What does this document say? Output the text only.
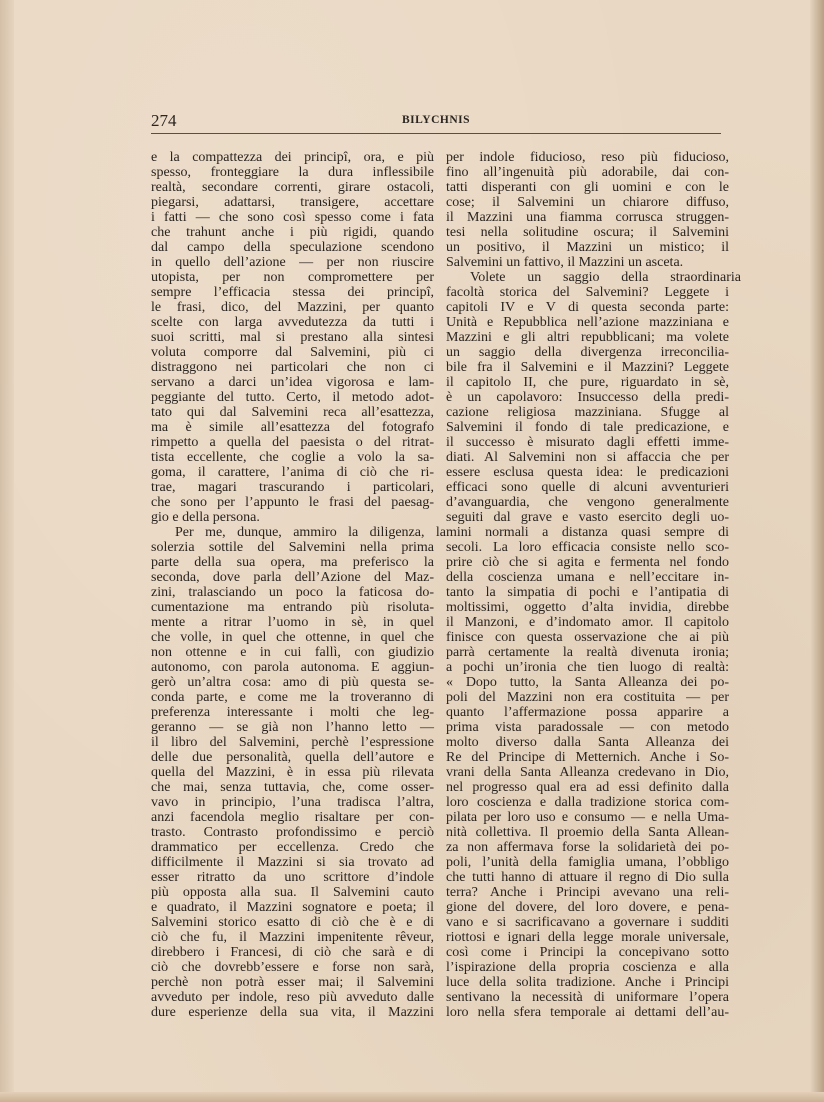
274	BILYCHNIS
e la compattezza dei principî, ora, e più
spesso, fronteggiare la dura inflessibile
realtà, secondare correnti, girare ostacoli,
piegarsi, adattarsi, transigere, accettare
i fatti — che sono così spesso come i fata
che trahunt anche i più rigidi, quando
dal campo della speculazione scendono
in quello dell’azione — per non riuscire
utopista, per non compromettere per
sempre l’efficacia stessa dei principî,
le frasi, dico, del Mazzini, per quanto
scelte con larga avvedutezza da tutti i
suoi scritti, mal si prestano alla sintesi
voluta comporre dal Salvemini, più ci
distraggono nei particolari che non ci
servano a darci un’idea vigorosa e lam-
peggiante del tutto. Certo, il metodo adot-
tato qui dal Salvemini reca all’esattezza,
ma è simile all’esattezza del fotografo
rimpetto a quella del paesista o del ritrat-
tista eccellente, che coglie a volo la sa-
goma, il carattere, l’anima di ciò che ri-
trae, magari trascurando i particolari,
che sono per l’appunto le frasi del paesag-
gio e della persona.
Per me, dunque, ammiro la diligenza, la
solerzia sottile del Salvemini nella prima
parte della sua opera, ma preferisco la
seconda, dove parla dell’Azione del Maz-
zini, tralasciando un poco la faticosa do-
cumentazione ma entrando più risoluta-
mente a ritrar l’uomo in sè, in quel
che volle, in quel che ottenne, in quel che
non ottenne e in cui fallì, con giudizio
autonomo, con parola autonoma. E aggiun-
gerò un’altra cosa: amo di più questa se-
conda parte, e come me la troveranno di
preferenza interessante i molti che leg-
geranno — se già non l’hanno letto —
il libro del Salvemini, perchè l’espressione
delle due personalità, quella dell’autore e
quella del Mazzini, è in essa più rilevata
che mai, senza tuttavia, che, come osser-
vavo in principio, l’una tradisca l’altra,
anzi facendola meglio risaltare per con-
trasto. Contrasto profondissimo e perciò
drammatico per eccellenza. Credo che
difficilmente il Mazzini si sia trovato ad
esser ritratto da uno scrittore d’indole
più opposta alla sua. Il Salvemini cauto
e quadrato, il Mazzini sognatore e poeta; il
Salvemini storico esatto di ciò che è e di
ciò che fu, il Mazzini impenitente rêveur,
direbbero i Francesi, di ciò che sarà e di
ciò che dovrebb’essere e forse non sarà,
perchè non potrà esser mai; il Salvemini
avveduto per indole, reso più avveduto dalle
dure esperienze della sua vita, il Mazzini
per indole fiducioso, reso più fiducioso,
fino all’ingenuità più adorabile, dai con-
tatti disperanti con gli uomini e con le
cose; il Salvemini un chiarore diffuso,
il Mazzini una fiamma corrusca struggen-
tesi nella solitudine oscura; il Salvemini
un positivo, il Mazzini un mistico; il
Salvemini un fattivo, il Mazzini un asceta.
Volete un saggio della straordinaria
facoltà storica del Salvemini? Leggete i
capitoli IV e V di questa seconda parte:
Unità e Repubblica nell’azione mazziniana e
Mazzini e gli altri repubblicani; ma volete
un saggio della divergenza irreconcilia-
bile fra il Salvemini e il Mazzini? Leggete
il capitolo II, che pure, riguardato in sè,
è un capolavoro: Insuccesso della predi-
cazione religiosa mazziniana. Sfugge al
Salvemini il fondo di tale predicazione, e
il successo è misurato dagli effetti imme-
diati. Al Salvemini non si affaccia che per
essere esclusa questa idea: le predicazioni
efficaci sono quelle di alcuni avventurieri
d’avanguardia, che vengono generalmente
seguiti dal grave e vasto esercito degli uo-
mini normali a distanza quasi sempre di
secoli. La loro efficacia consiste nello sco-
prire ciò che si agita e fermenta nel fondo
della coscienza umana e nell’eccitare in-
tanto la simpatia di pochi e l’antipatia di
moltissimi, oggetto d’alta invidia, direbbe
il Manzoni, e d’indomato amor. Il capitolo
finisce con questa osservazione che ai più
parrà certamente la realtà divenuta ironia;
a pochi un’ironia che tien luogo di realtà:
« Dopo tutto, la Santa Alleanza dei po-
poli del Mazzini non era costituita — per
quanto l’affermazione possa apparire a
prima vista paradossale — con metodo
molto diverso dalla Santa Alleanza dei
Re del Principe di Metternich. Anche i So-
vrani della Santa Alleanza credevano in Dio,
nel progresso qual era ad essi definito dalla
loro coscienza e dalla tradizione storica com-
pilata per loro uso e consumo — e nella Uma-
nità collettiva. Il proemio della Santa Allean-
za non affermava forse la solidarietà dei po-
poli, l’unità della famiglia umana, l’obbligo
che tutti hanno di attuare il regno di Dio sulla
terra? Anche i Principi avevano una reli-
gione del dovere, del loro dovere, e pena-
vano e si sacrificavano a governare i sudditi
riottosi e ignari della legge morale universale,
così come i Principi la concepivano sotto
l’ispirazione della propria coscienza e alla
luce della solita tradizione. Anche i Principi
sentivano la necessità di uniformare l’opera
loro nella sfera temporale ai dettami dell’au-
